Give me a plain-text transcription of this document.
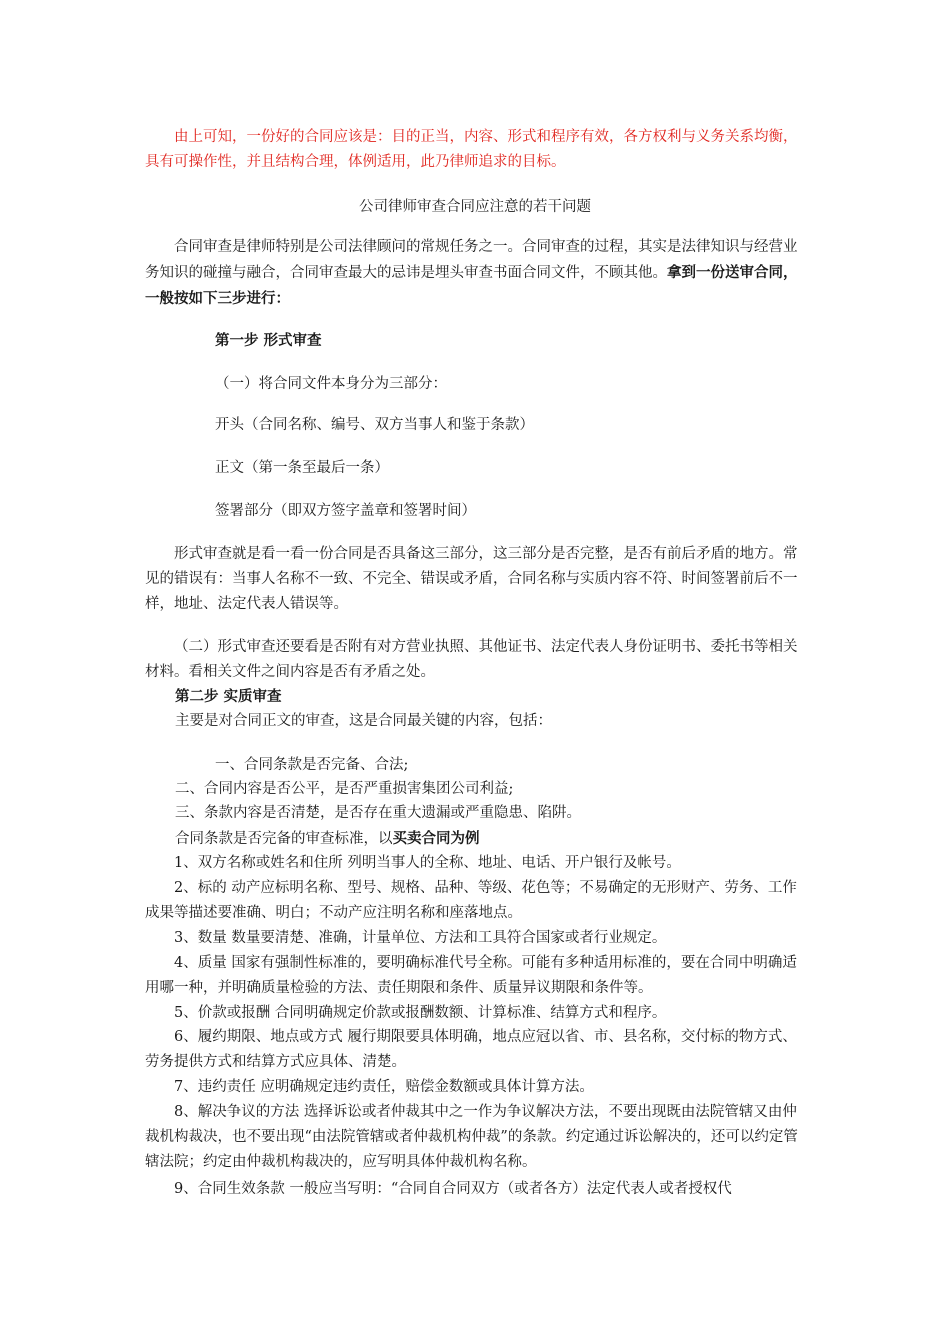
由上可知，一份好的合同应该是：目的正当，内容、形式和程序有效，各方权利与义务关系均衡，具有可操作性，并且结构合理，体例适用，此乃律师追求的目标。

公司律师审查合同应注意的若干问题

合同审查是律师特别是公司法律顾问的常规任务之一。合同审查的过程，其实是法律知识与经营业务知识的碰撞与融合，合同审查最大的忌讳是埋头审查书面合同文件，不顾其他。拿到一份送审合同，一般按如下三步进行：

第一步 形式审查

（一）将合同文件本身分为三部分：

开头（合同名称、编号、双方当事人和鉴于条款）

正文（第一条至最后一条）

签署部分（即双方签字盖章和签署时间）

形式审查就是看一看一份合同是否具备这三部分，这三部分是否完整，是否有前后矛盾的地方。常见的错误有：当事人名称不一致、不完全、错误或矛盾，合同名称与实质内容不符、时间签署前后不一样，地址、法定代表人错误等。

（二）形式审查还要看是否附有对方营业执照、其他证书、法定代表人身份证明书、委托书等相关材料。看相关文件之间内容是否有矛盾之处。

第二步 实质审查

主要是对合同正文的审查，这是合同最关键的内容，包括：

一、合同条款是否完备、合法;

二、合同内容是否公平，是否严重损害集团公司利益;

三、条款内容是否清楚，是否存在重大遗漏或严重隐患、陷阱。

合同条款是否完备的审查标准，以买卖合同为例

1、双方名称或姓名和住所 列明当事人的全称、地址、电话、开户银行及帐号。

2、标的 动产应标明名称、型号、规格、品种、等级、花色等；不易确定的无形财产、劳务、工作成果等描述要准确、明白；不动产应注明名称和座落地点。

3、数量 数量要清楚、准确，计量单位、方法和工具符合国家或者行业规定。

4、质量 国家有强制性标准的，要明确标准代号全称。可能有多种适用标准的，要在合同中明确适用哪一种，并明确质量检验的方法、责任期限和条件、质量异议期限和条件等。

5、价款或报酬 合同明确规定价款或报酬数额、计算标准、结算方式和程序。

6、履约期限、地点或方式 履行期限要具体明确，地点应冠以省、市、县名称，交付标的物方式、劳务提供方式和结算方式应具体、清楚。

7、违约责任 应明确规定违约责任，赔偿金数额或具体计算方法。

8、解决争议的方法 选择诉讼或者仲裁其中之一作为争议解决方法，不要出现既由法院管辖又由仲裁机构裁决，也不要出现“由法院管辖或者仲裁机构仲裁”的条款。约定通过诉讼解决的，还可以约定管辖法院；约定由仲裁机构裁决的，应写明具体仲裁机构名称。

9、合同生效条款 一般应当写明：“合同自合同双方（或者各方）法定代表人或者授权代
